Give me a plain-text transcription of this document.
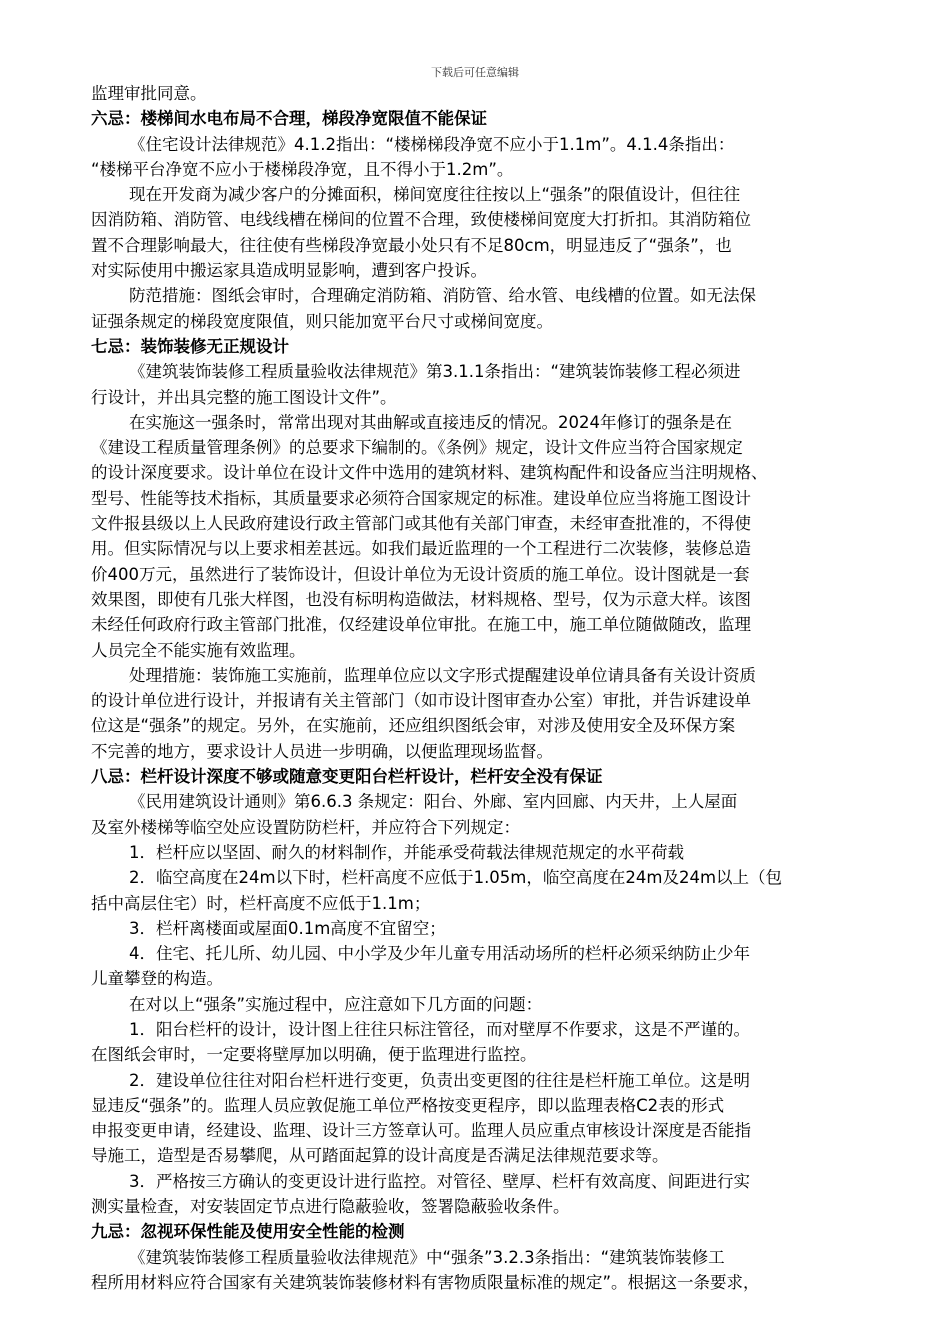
下载后可任意编辑
监理审批同意。
六忌：楼梯间水电布局不合理，梯段净宽限值不能保证
《住宅设计法律规范》4.1.2指出：“楼梯梯段净宽不应小于1.1m”。4.1.4条指出：
“楼梯平台净宽不应小于楼梯段净宽，且不得小于1.2m”。
现在开发商为减少客户的分摊面积，梯间宽度往往按以上“强条”的限值设计，但往往
因消防箱、消防管、电线线槽在梯间的位置不合理，致使楼梯间宽度大打折扣。其消防箱位
置不合理影响最大，往往使有些梯段净宽最小处只有不足80cm，明显违反了“强条”，也
对实际使用中搬运家具造成明显影响，遭到客户投诉。
防范措施：图纸会审时，合理确定消防箱、消防管、给水管、电线槽的位置。如无法保
证强条规定的梯段宽度限值，则只能加宽平台尺寸或梯间宽度。
七忌：装饰装修无正规设计
《建筑装饰装修工程质量验收法律规范》第3.1.1条指出：“建筑装饰装修工程必须进
行设计，并出具完整的施工图设计文件”。
在实施这一强条时，常常出现对其曲解或直接违反的情况。2024年修订的强条是在
《建设工程质量管理条例》的总要求下编制的。《条例》规定，设计文件应当符合国家规定
的设计深度要求。设计单位在设计文件中选用的建筑材料、建筑构配件和设备应当注明规格、
型号、性能等技术指标，其质量要求必须符合国家规定的标准。建设单位应当将施工图设计
文件报县级以上人民政府建设行政主管部门或其他有关部门审查，未经审查批准的，不得使
用。但实际情况与以上要求相差甚远。如我们最近监理的一个工程进行二次装修，装修总造
价400万元，虽然进行了装饰设计，但设计单位为无设计资质的施工单位。设计图就是一套
效果图，即使有几张大样图，也没有标明构造做法，材料规格、型号，仅为示意大样。该图
未经任何政府行政主管部门批准，仅经建设单位审批。在施工中，施工单位随做随改，监理
人员完全不能实施有效监理。
处理措施：装饰施工实施前，监理单位应以文字形式提醒建设单位请具备有关设计资质
的设计单位进行设计，并报请有关主管部门（如市设计图审查办公室）审批，并告诉建设单
位这是“强条”的规定。另外，在实施前，还应组织图纸会审，对涉及使用安全及环保方案
不完善的地方，要求设计人员进一步明确，以便监理现场监督。
八忌：栏杆设计深度不够或随意变更阳台栏杆设计，栏杆安全没有保证
《民用建筑设计通则》第6.6.3 条规定：阳台、外廊、室内回廊、内天井，上人屋面
及室外楼梯等临空处应设置防防栏杆，并应符合下列规定：
1．栏杆应以坚固、耐久的材料制作，并能承受荷载法律规范规定的水平荷载
2．临空高度在24m以下时，栏杆高度不应低于1.05m，临空高度在24m及24m以上（包
括中高层住宅）时，栏杆高度不应低于1.1m；
3．栏杆离楼面或屋面0.1m高度不宜留空；
4．住宅、托儿所、幼儿园、中小学及少年儿童专用活动场所的栏杆必须采纳防止少年
儿童攀登的构造。
在对以上“强条”实施过程中，应注意如下几方面的问题：
1．阳台栏杆的设计，设计图上往往只标注管径，而对壁厚不作要求，这是不严谨的。
在图纸会审时，一定要将壁厚加以明确，便于监理进行监控。
2．建设单位往往对阳台栏杆进行变更，负责出变更图的往往是栏杆施工单位。这是明
显违反“强条”的。监理人员应敦促施工单位严格按变更程序，即以监理表格C2表的形式
申报变更申请，经建设、监理、设计三方签章认可。监理人员应重点审核设计深度是否能指
导施工，造型是否易攀爬，从可踏面起算的设计高度是否满足法律规范要求等。
3．严格按三方确认的变更设计进行监控。对管径、壁厚、栏杆有效高度、间距进行实
测实量检查，对安装固定节点进行隐蔽验收，签署隐蔽验收条件。
九忌：忽视环保性能及使用安全性能的检测
《建筑装饰装修工程质量验收法律规范》中“强条”3.2.3条指出：“建筑装饰装修工
程所用材料应符合国家有关建筑装饰装修材料有害物质限量标准的规定”。根据这一条要求，
